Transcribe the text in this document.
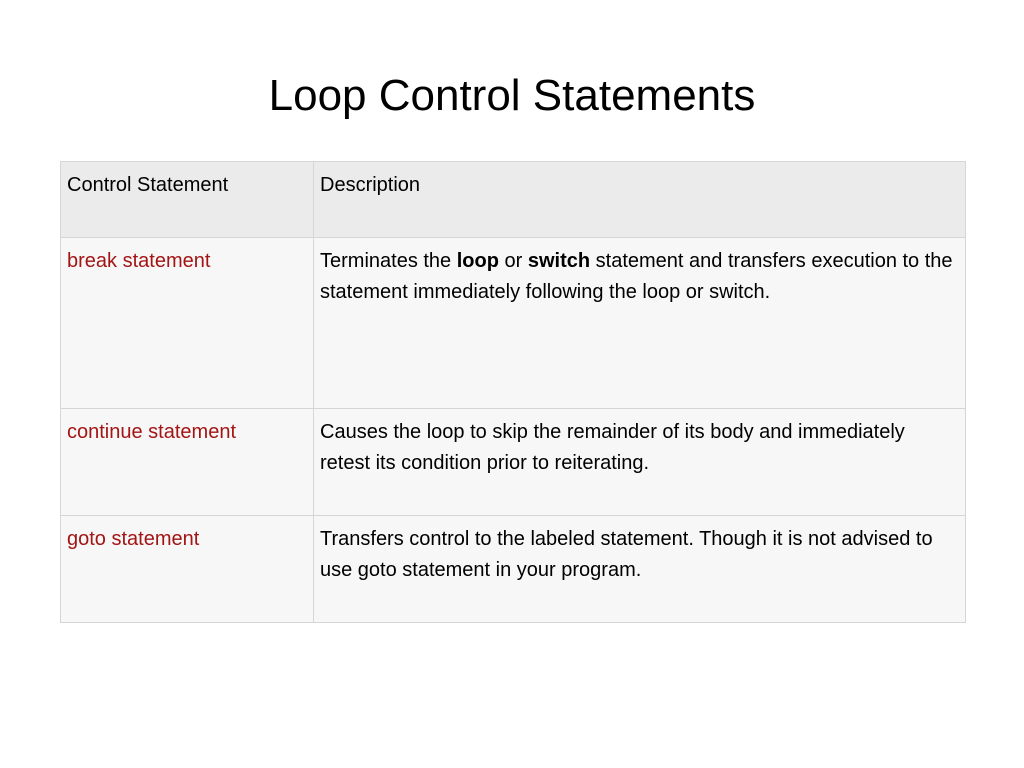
Loop Control Statements
Control Statement	Description
break statement	Terminates the loop or switch statement and transfers execution to the statement immediately following the loop or switch.
continue statement	Causes the loop to skip the remainder of its body and immediately retest its condition prior to reiterating.
goto statement	Transfers control to the labeled statement. Though it is not advised to use goto statement in your program.
